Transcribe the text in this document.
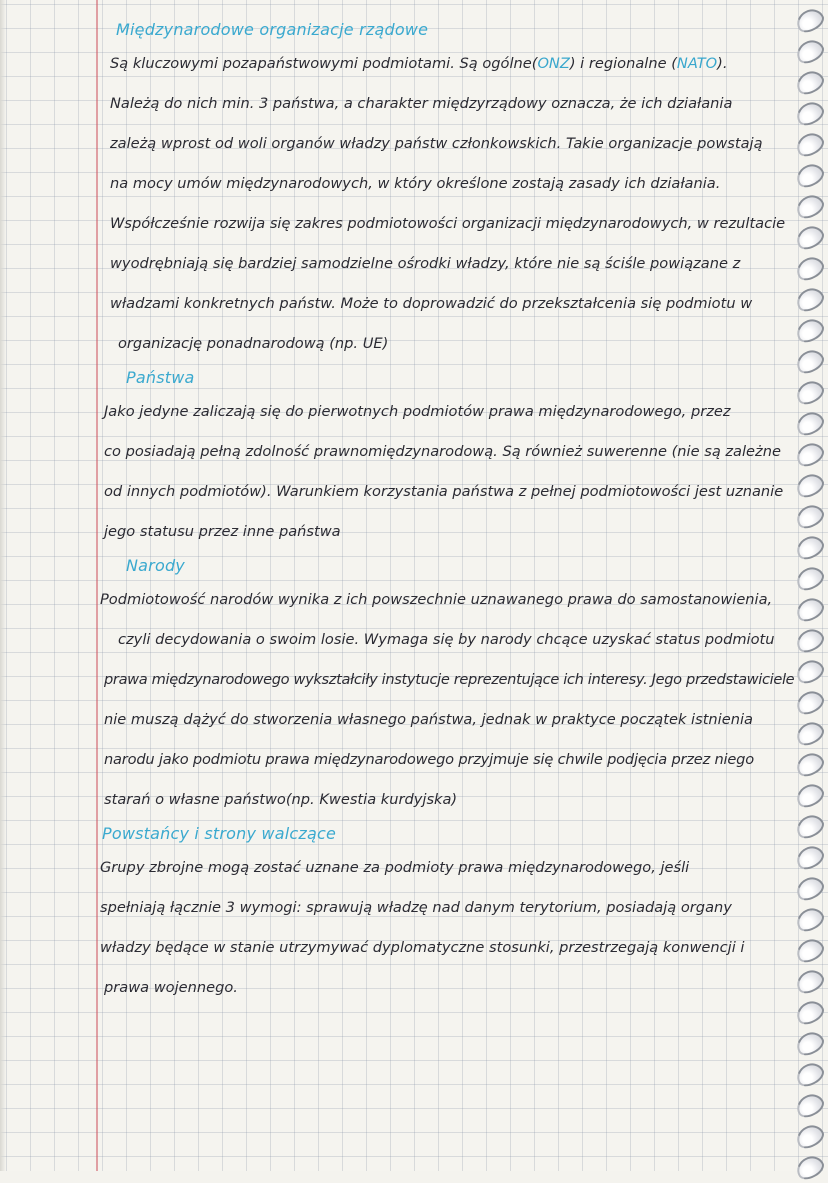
Międzynarodowe organizacje rządowe

Są kluczowymi pozapaństwowymi podmiotami. Są ogólne(ONZ) i regionalne (NATO).

Należą do nich min. 3 państwa, a charakter międzyrządowy oznacza, że ich działania

zależą wprost od woli organów władzy państw członkowskich. Takie organizacje powstają

na mocy umów międzynarodowych, w który określone zostają zasady ich działania.

Współcześnie rozwija się zakres podmiotowości organizacji międzynarodowych, w rezultacie

wyodrębniają się bardziej samodzielne ośrodki władzy, które nie są ściśle powiązane z

władzami konkretnych państw. Może to doprowadzić do przekształcenia się podmiotu w

organizację ponadnarodową (np. UE)

Państwa

Jako jedyne zaliczają się do pierwotnych podmiotów prawa międzynarodowego, przez

co posiadają pełną zdolność prawnomiędzynarodową. Są również suwerenne (nie są zależne

od innych podmiotów). Warunkiem korzystania państwa z pełnej podmiotowości jest uznanie

jego statusu przez inne państwa

Narody

Podmiotowość narodów wynika z ich powszechnie uznawanego prawa do samostanowienia,

czyli decydowania o swoim losie. Wymaga się by narody chcące uzyskać status podmiotu

prawa międzynarodowego wykształciły instytucje reprezentujące ich interesy. Jego przedstawiciele

nie muszą dążyć do stworzenia własnego państwa, jednak w praktyce początek istnienia

narodu jako podmiotu prawa międzynarodowego przyjmuje się chwile podjęcia przez niego

starań o własne państwo(np. Kwestia kurdyjska)

Powstańcy i strony walczące

Grupy zbrojne mogą zostać uznane za podmioty prawa międzynarodowego, jeśli

spełniają łącznie 3 wymogi: sprawują władzę nad danym terytorium, posiadają organy

władzy będące w stanie utrzymywać dyplomatyczne stosunki, przestrzegają konwencji i

prawa wojennego.
